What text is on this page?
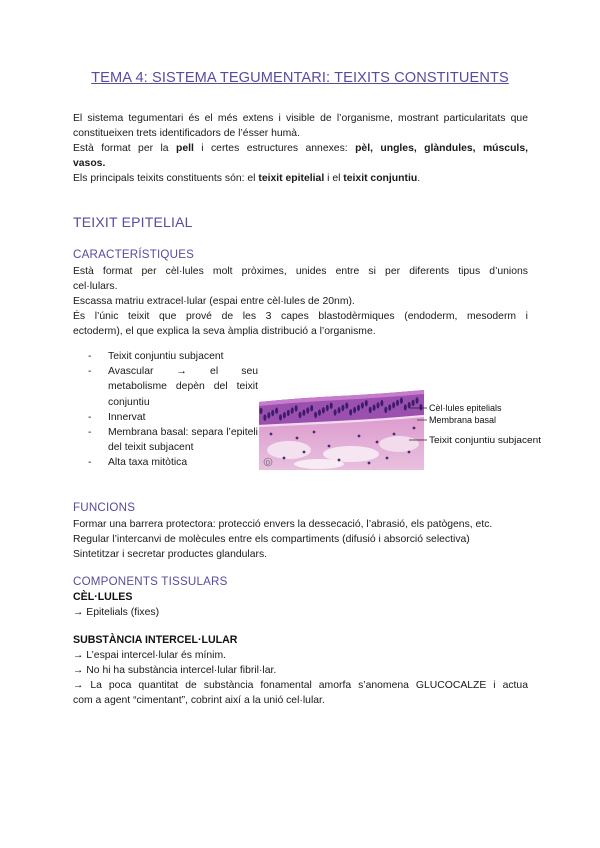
TEMA 4: SISTEMA TEGUMENTARI: TEIXITS CONSTITUENTS
El sistema tegumentari és el més extens i visible de l’organisme, mostrant particularitats que
constitueixen trets identificadors de l’ésser humà.
Està format per la pell i certes estructures annexes: pèl, ungles, glàndules, músculs,
vasos.
Els principals teixits constituents són: el teixit epitelial i el teixit conjuntiu.
TEIXIT EPITELIAL
CARACTERÍSTIQUES
Està format per cèl·lules molt pròximes, unides entre si per diferents tipus d’unions
cel·lulars.
Escassa matriu extracel·lular (espai entre cèl·lules de 20nm).
És l’únic teixit que prové de les 3 capes blastodèrmiques (endoderm, mesoderm i
ectoderm), el que explica la seva àmplia distribució a l’organisme.
- Teixit conjuntiu subjacent
- Avascular → el seu metabolisme depèn del teixit conjuntiu
- Innervat
- Membrana basal: separa l’epiteli del teixit subjacent
- Alta taxa mitòtica	D
Cèl·lules epitelials
Membrana basal
Teixit conjuntiu subjacent
FUNCIONS
Formar una barrera protectora: protecció envers la dessecació, l’abrasió, els patògens, etc.
Regular l’intercanvi de molècules entre els compartiments (difusió i absorció selectiva)
Sintetitzar i secretar productes glandulars.
COMPONENTS TISSULARS
CÈL·LULES
→ Epitelials (fixes)
SUBSTÀNCIA INTERCEL·LULAR
→ L’espai intercel·lular és mínim.
→ No hi ha substància intercel·lular fibril·lar.
→ La poca quantitat de substància fonamental amorfa s’anomena GLUCOCALZE i actua
com a agent “cimentant”, cobrint així a la unió cel·lular.
